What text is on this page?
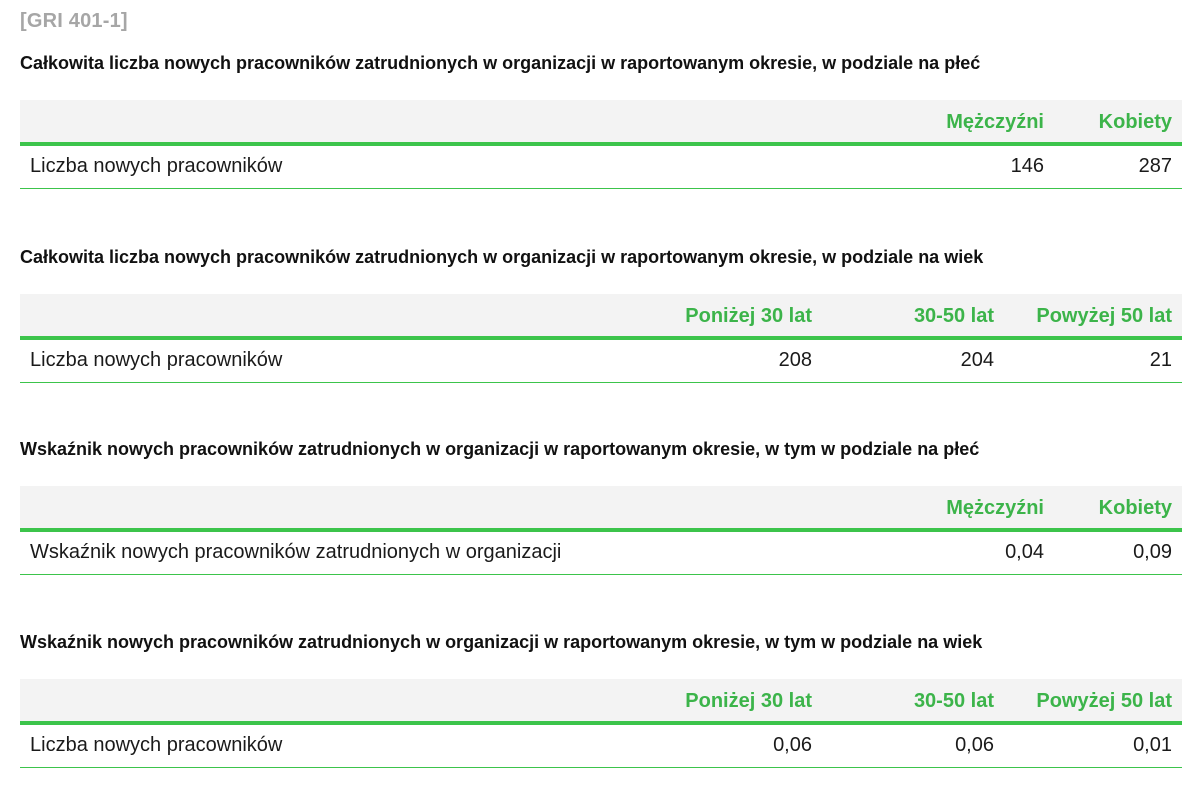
[GRI 401-1]
Całkowita liczba nowych pracowników zatrudnionych w organizacji w raportowanym okresie, w podziale na płeć
	Mężczyźni	Kobiety
Liczba nowych pracowników	146	287
Całkowita liczba nowych pracowników zatrudnionych w organizacji w raportowanym okresie, w podziale na wiek
	Poniżej 30 lat	30-50 lat	Powyżej 50 lat
Liczba nowych pracowników	208	204	21
Wskaźnik nowych pracowników zatrudnionych w organizacji w raportowanym okresie, w tym w podziale na płeć
	Mężczyźni	Kobiety
Wskaźnik nowych pracowników zatrudnionych w organizacji	0,04	0,09
Wskaźnik nowych pracowników zatrudnionych w organizacji w raportowanym okresie, w tym w podziale na wiek
	Poniżej 30 lat	30-50 lat	Powyżej 50 lat
Liczba nowych pracowników	0,06	0,06	0,01
